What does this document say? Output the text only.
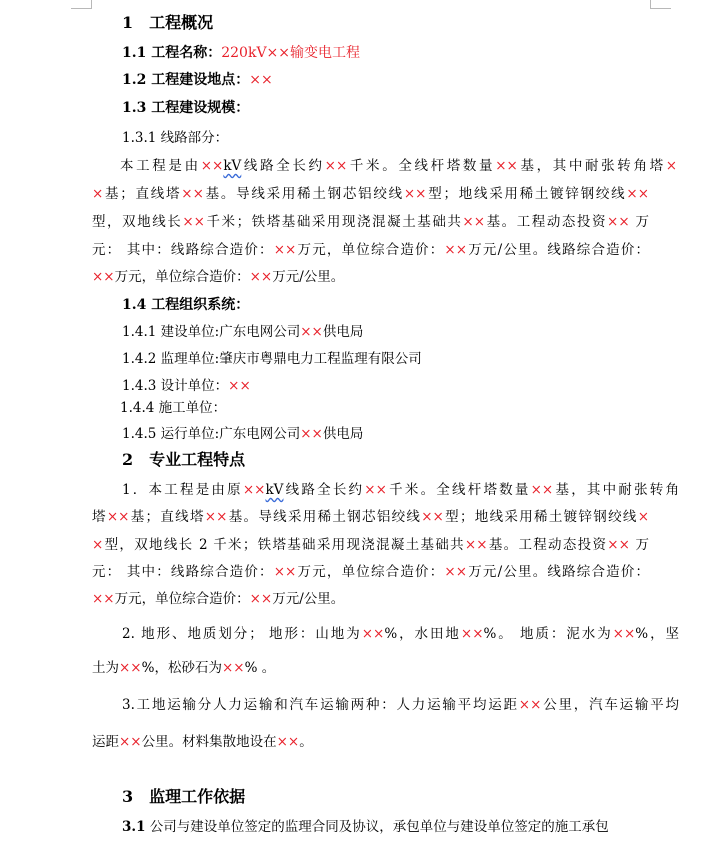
1　工程概况
1.1 工程名称：220kV××输变电工程
1.2 工程建设地点：××
1.3 工程建设规模：
1.3.1 线路部分：
本工程是由××kV线路全长约××千米。全线杆塔数量××基，其中耐张转角塔×
×基；直线塔××基。导线采用稀土钢芯铝绞线××型；地线采用稀土镀锌钢绞线××
型，双地线长××千米；铁塔基础采用现浇混凝土基础共××基。工程动态投资×× 万
元： 其中：线路综合造价：××万元，单位综合造价：××万元/公里。线路综合造价：
××万元，单位综合造价：××万元/公里。
1.4 工程组织系统：
1.4.1 建设单位:广东电网公司××供电局
1.4.2 监理单位:肇庆市粤鼎电力工程监理有限公司
1.4.3 设计单位：××
1.4.4 施工单位：
1.4.5 运行单位:广东电网公司××供电局
2　专业工程特点
1．本工程是由原××kV线路全长约××千米。全线杆塔数量××基，其中耐张转角
塔××基；直线塔××基。导线采用稀土钢芯铝绞线××型；地线采用稀土镀锌钢绞线×
×型，双地线长 2 千米；铁塔基础采用现浇混凝土基础共××基。工程动态投资×× 万
元： 其中：线路综合造价：××万元，单位综合造价：××万元/公里。线路综合造价：
××万元，单位综合造价：××万元/公里。
2. 地形、地质划分； 地形：山地为××%，水田地××%。 地质：泥水为××%，坚
土为××%，松砂石为××% 。
3.工地运输分人力运输和汽车运输两种：人力运输平均运距××公里，汽车运输平均
运距××公里。材料集散地设在××。
3　监理工作依据
3.1 公司与建设单位签定的监理合同及协议，承包单位与建设单位签定的施工承包
